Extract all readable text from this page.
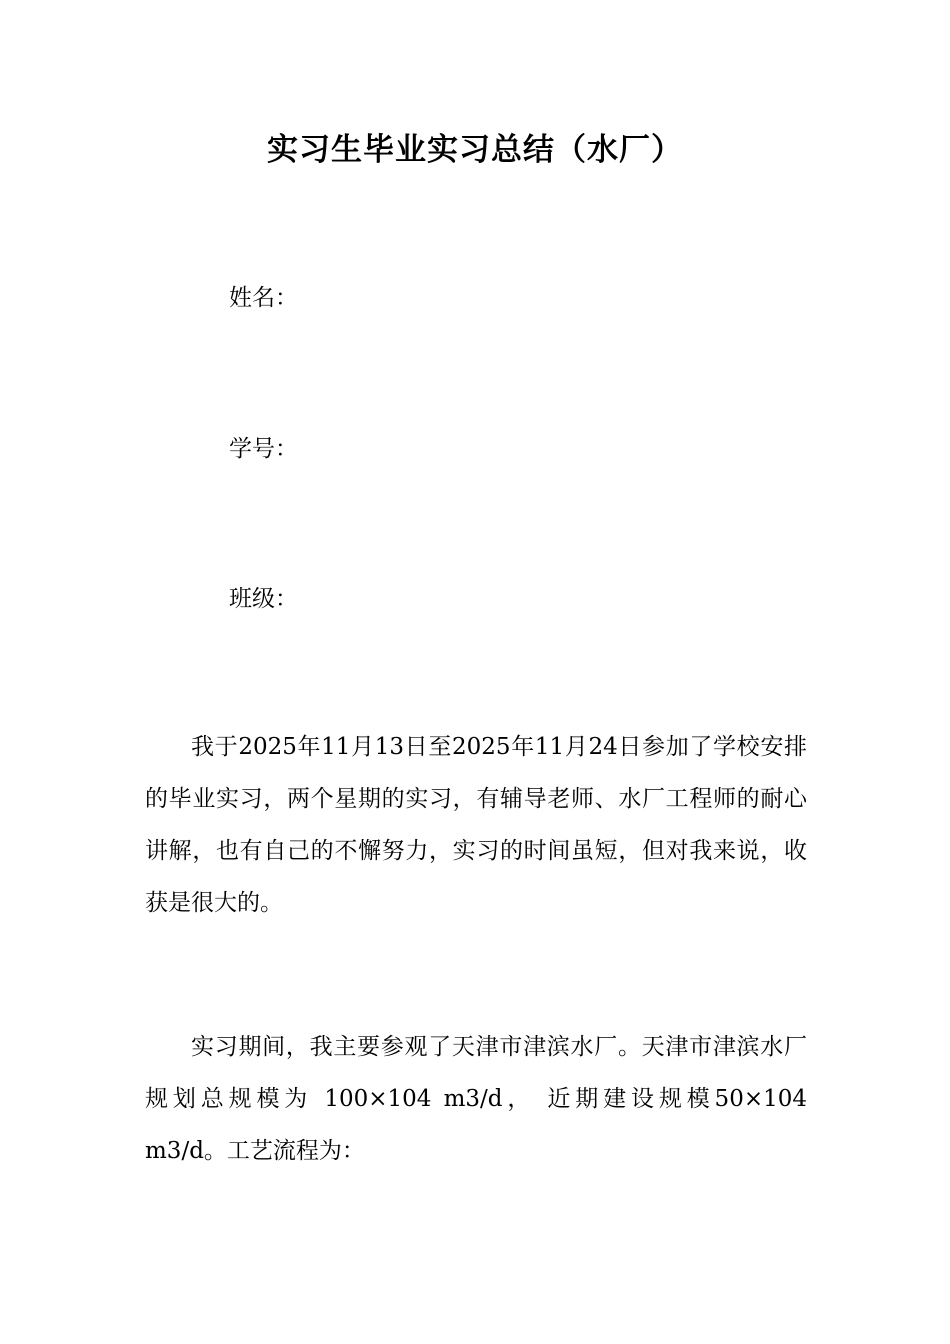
实习生毕业实习总结（水厂）

姓名：

学号：

班级：

我于2025年11月13日至2025年11月24日参加了学校安排的毕业实习，两个星期的实习，有辅导老师、水厂工程师的耐心讲解，也有自己的不懈努力，实习的时间虽短，但对我来说，收获是很大的。

实习期间，我主要参观了天津市津滨水厂。天津市津滨水厂规划总规模为 100×104 m3/d， 近期建设规模50×104 m3/d。工艺流程为：
